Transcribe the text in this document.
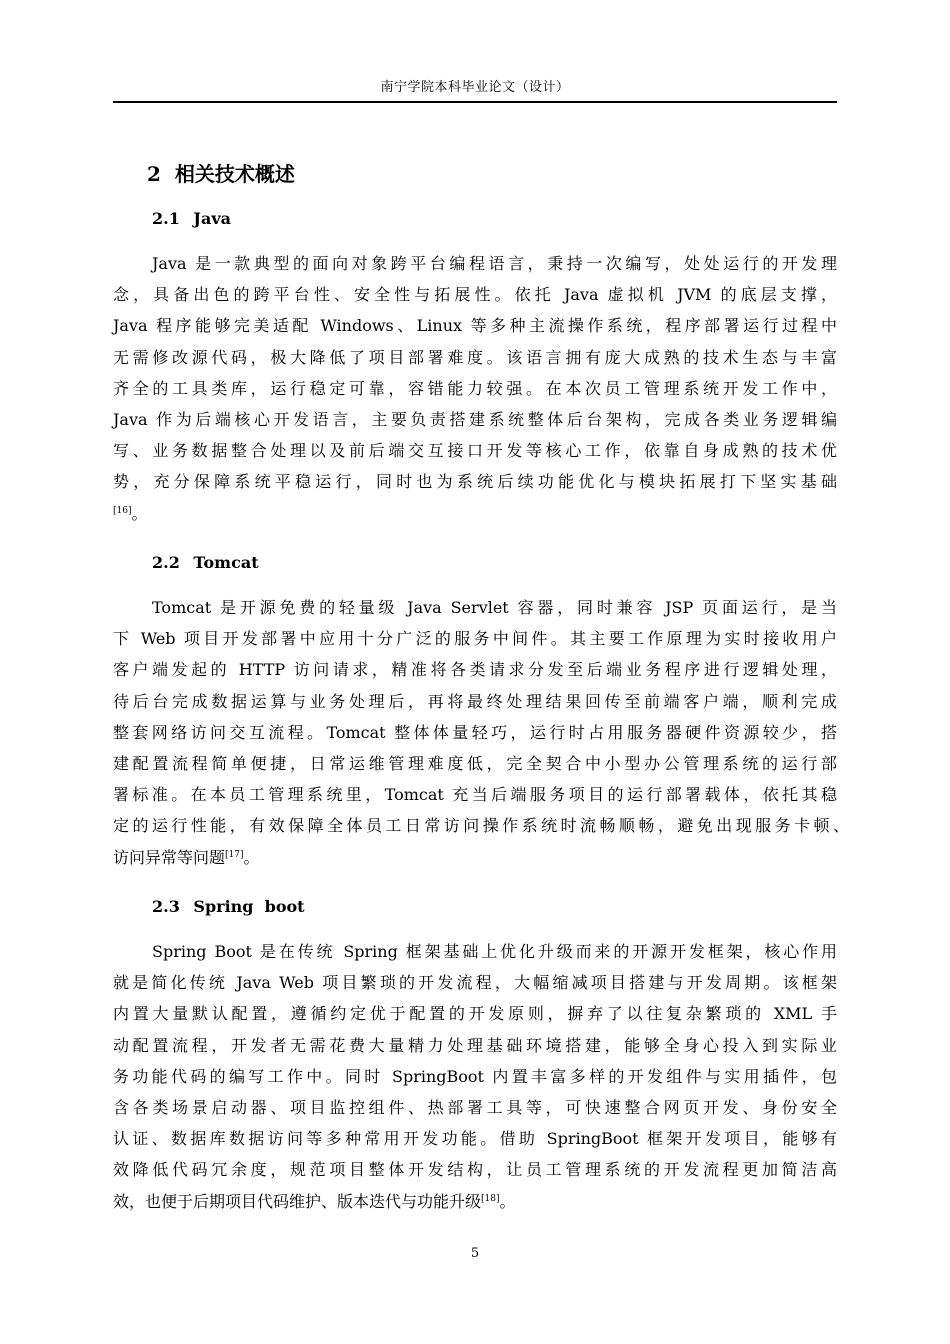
南宁学院本科毕业论文（设计）
2 相关技术概述
2.1 Java
Java 是一款典型的面向对象跨平台编程语言，秉持一次编写，处处运行的开发理
念，具备出色的跨平台性、安全性与拓展性。依托 Java 虚拟机 JVM 的底层支撑，
Java 程序能够完美适配 Windows、Linux 等多种主流操作系统，程序部署运行过程中
无需修改源代码，极大降低了项目部署难度。该语言拥有庞大成熟的技术生态与丰富
齐全的工具类库，运行稳定可靠，容错能力较强。在本次员工管理系统开发工作中，
Java 作为后端核心开发语言，主要负责搭建系统整体后台架构，完成各类业务逻辑编
写、业务数据整合处理以及前后端交互接口开发等核心工作，依靠自身成熟的技术优
势，充分保障系统平稳运行，同时也为系统后续功能优化与模块拓展打下坚实基础
[16]。
2.2 Tomcat
Tomcat 是开源免费的轻量级 Java Servlet 容器，同时兼容 JSP 页面运行，是当
下 Web 项目开发部署中应用十分广泛的服务中间件。其主要工作原理为实时接收用户
客户端发起的 HTTP 访问请求，精准将各类请求分发至后端业务程序进行逻辑处理，
待后台完成数据运算与业务处理后，再将最终处理结果回传至前端客户端，顺利完成
整套网络访问交互流程。Tomcat 整体体量轻巧，运行时占用服务器硬件资源较少，搭
建配置流程简单便捷，日常运维管理难度低，完全契合中小型办公管理系统的运行部
署标准。在本员工管理系统里，Tomcat 充当后端服务项目的运行部署载体，依托其稳
定的运行性能，有效保障全体员工日常访问操作系统时流畅顺畅，避免出现服务卡顿、
访问异常等问题[17]。
2.3 Spring  boot
Spring Boot 是在传统 Spring 框架基础上优化升级而来的开源开发框架，核心作用
就是简化传统 Java Web 项目繁琐的开发流程，大幅缩减项目搭建与开发周期。该框架
内置大量默认配置，遵循约定优于配置的开发原则，摒弃了以往复杂繁琐的 XML 手
动配置流程，开发者无需花费大量精力处理基础环境搭建，能够全身心投入到实际业
务功能代码的编写工作中。同时 SpringBoot 内置丰富多样的开发组件与实用插件，包
含各类场景启动器、项目监控组件、热部署工具等，可快速整合网页开发、身份安全
认证、数据库数据访问等多种常用开发功能。借助 SpringBoot 框架开发项目，能够有
效降低代码冗余度，规范项目整体开发结构，让员工管理系统的开发流程更加简洁高
效，也便于后期项目代码维护、版本迭代与功能升级[18]。
5
